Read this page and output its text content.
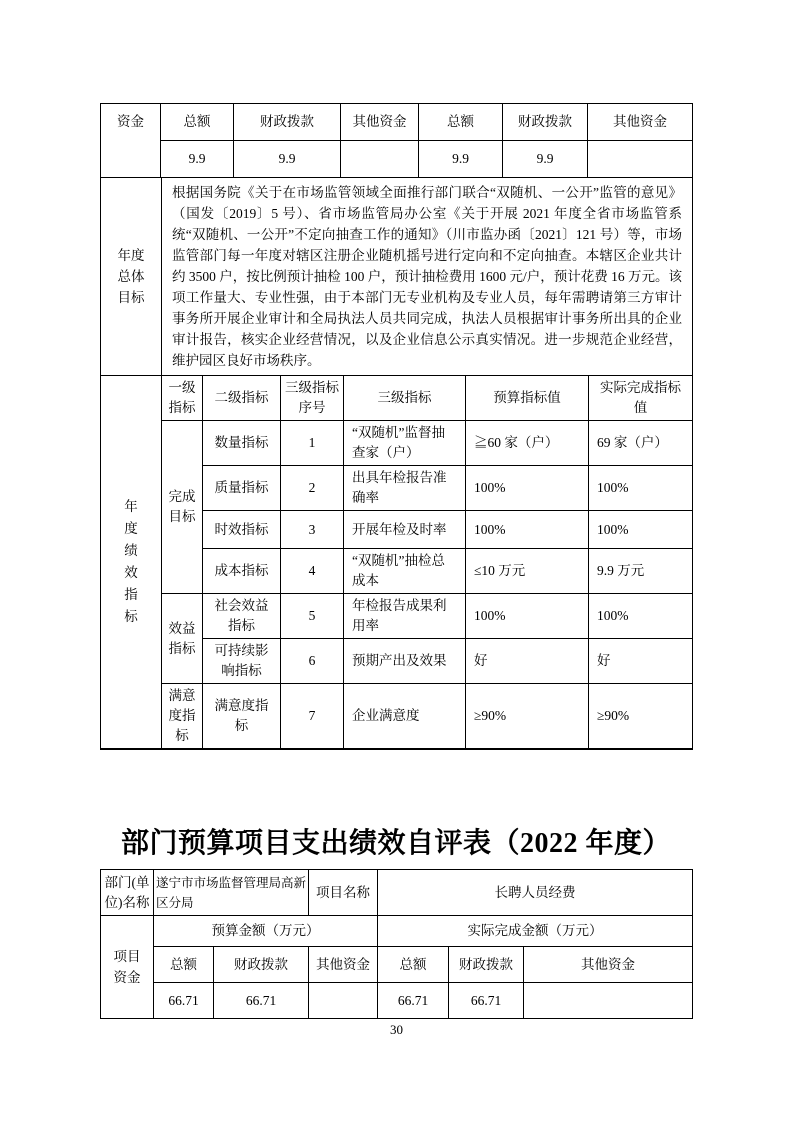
资金	总额	财政拨款	其他资金	总额	财政拨款	其他资金
	9.9	9.9		9.9	9.9	
年度总体目标	根据国务院《关于在市场监管领域全面推行部门联合“双随机、一公开”监管的意见》（国发〔2019〕5 号）、省市场监管局办公室《关于开展 2021 年度全省市场监管系统“双随机、一公开”不定向抽查工作的通知》（川市监办函〔2021〕121 号）等，市场监管部门每一年度对辖区注册企业随机摇号进行定向和不定向抽查。本辖区企业共计约 3500 户，按比例预计抽检 100 户，预计抽检费用 1600 元/户，预计花费 16 万元。该项工作量大、专业性强，由于本部门无专业机构及专业人员，每年需聘请第三方审计事务所开展企业审计和全局执法人员共同完成，执法人员根据审计事务所出具的企业审计报告，核实企业经营情况，以及企业信息公示真实情况。进一步规范企业经营，维护园区良好市场秩序。
年度绩效指标	一级指标	二级指标	三级指标序号	三级指标	预算指标值	实际完成指标值
	完成目标	数量指标	1	“双随机”监督抽查家（户）	≧60 家（户）	69 家（户）
		质量指标	2	出具年检报告准确率	100%	100%
		时效指标	3	开展年检及时率	100%	100%
		成本指标	4	“双随机”抽检总成本	≤10 万元	9.9 万元
	效益指标	社会效益指标	5	年检报告成果利用率	100%	100%
		可持续影响指标	6	预期产出及效果	好	好
	满意度指标	满意度指标	7	企业满意度	≥90%	≥90%
部门预算项目支出绩效自评表（2022 年度）
部门(单位)名称	遂宁市市场监督管理局高新区分局		项目名称	长聘人员经费		
项目资金	预算金额（万元）			实际完成金额（万元）		
	总额	财政拨款	其他资金	总额	财政拨款	其他资金
	66.71	66.71		66.71	66.71	
30
